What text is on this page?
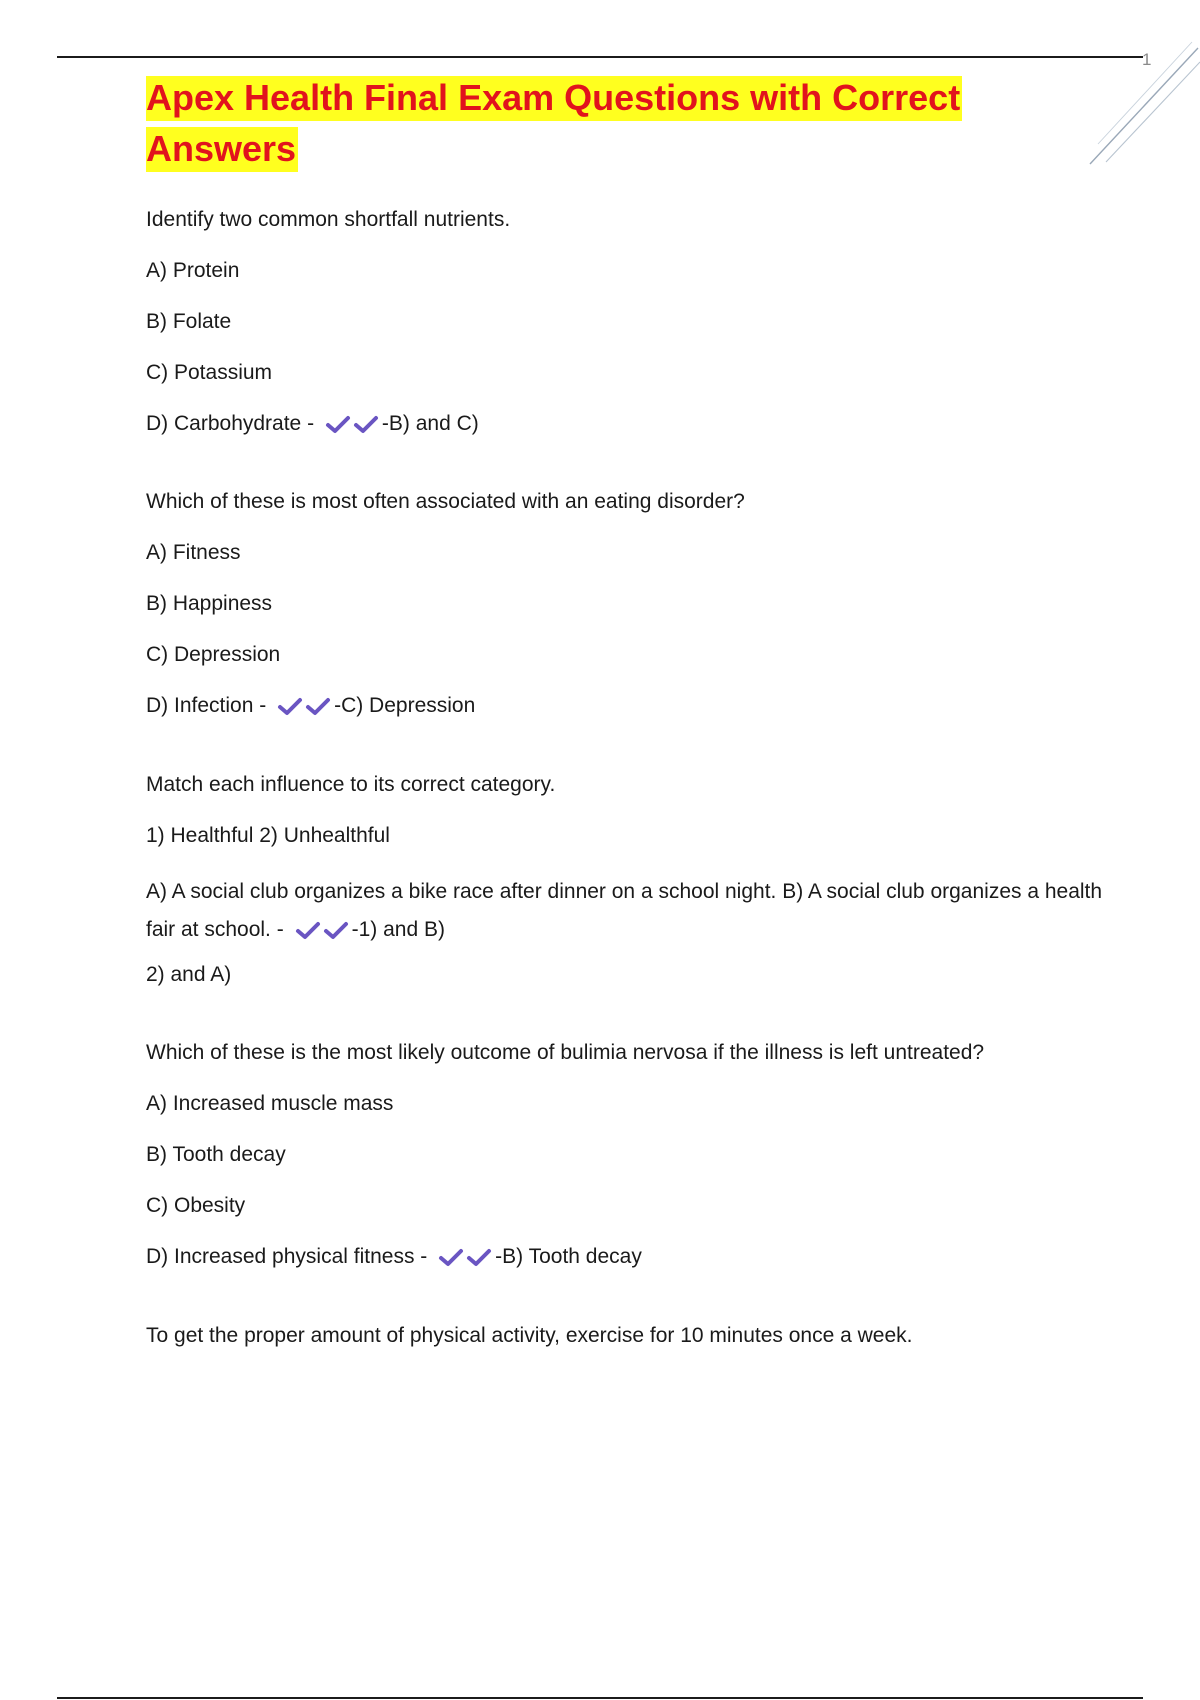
1
Apex Health Final Exam Questions with Correct
Answers

Identify two common shortfall nutrients.

A) Protein

B) Folate

C) Potassium

D) Carbohydrate -	-B) and C)

Which of these is most often associated with an eating disorder?

A) Fitness

B) Happiness

C) Depression

D) Infection -	-C) Depression

Match each influence to its correct category.

1) Healthful 2) Unhealthful

A) A social club organizes a bike race after dinner on a school night. B) A social club organizes a health fair at school. -	-1) and B)

2) and A)

Which of these is the most likely outcome of bulimia nervosa if the illness is left untreated?

A) Increased muscle mass

B) Tooth decay

C) Obesity

D) Increased physical fitness -	-B) Tooth decay

To get the proper amount of physical activity, exercise for 10 minutes once a week.
